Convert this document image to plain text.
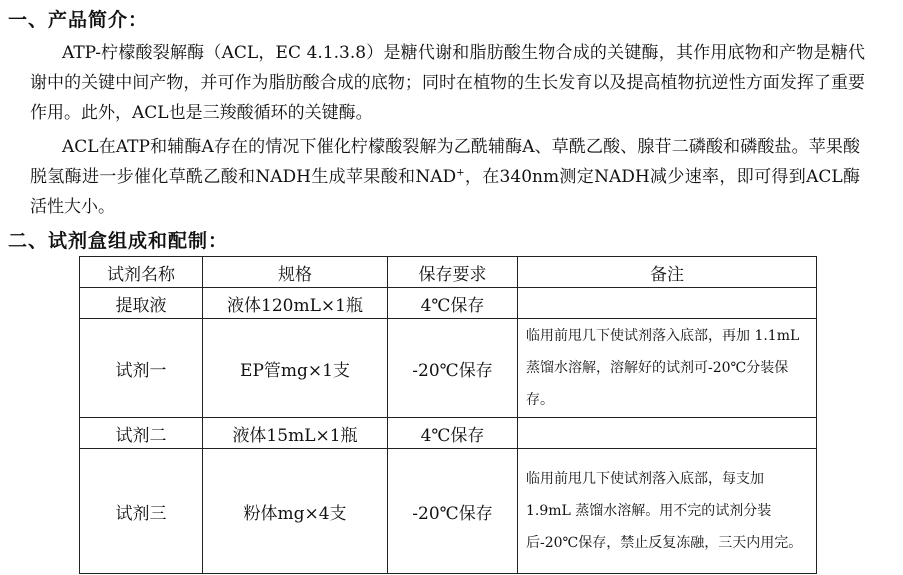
一、产品简介：
ATP-柠檬酸裂解酶（ACL，EC 4.1.3.8）是糖代谢和脂肪酸生物合成的关键酶，其作用底物和产物是糖代谢中的关键中间产物，并可作为脂肪酸合成的底物；同时在植物的生长发育以及提高植物抗逆性方面发挥了重要作用。此外，ACL也是三羧酸循环的关键酶。
ACL在ATP和辅酶A存在的情况下催化柠檬酸裂解为乙酰辅酶A、草酰乙酸、腺苷二磷酸和磷酸盐。苹果酸脱氢酶进一步催化草酰乙酸和NADH生成苹果酸和NAD+，在340nm测定NADH减少速率，即可得到ACL酶活性大小。
二、试剂盒组成和配制：
试剂名称	规格	保存要求	备注
提取液	液体120mL×1瓶	4℃保存	
试剂一	EP管mg×1支	-20℃保存	临用前甩几下使试剂落入底部，再加 1.1mL 蒸馏水溶解，溶解好的试剂可-20℃分装保存。
试剂二	液体15mL×1瓶	4℃保存	
试剂三	粉体mg×4支	-20℃保存	临用前甩几下使试剂落入底部，每支加 1.9mL 蒸馏水溶解。用不完的试剂分装后-20℃保存，禁止反复冻融，三天内用完。
